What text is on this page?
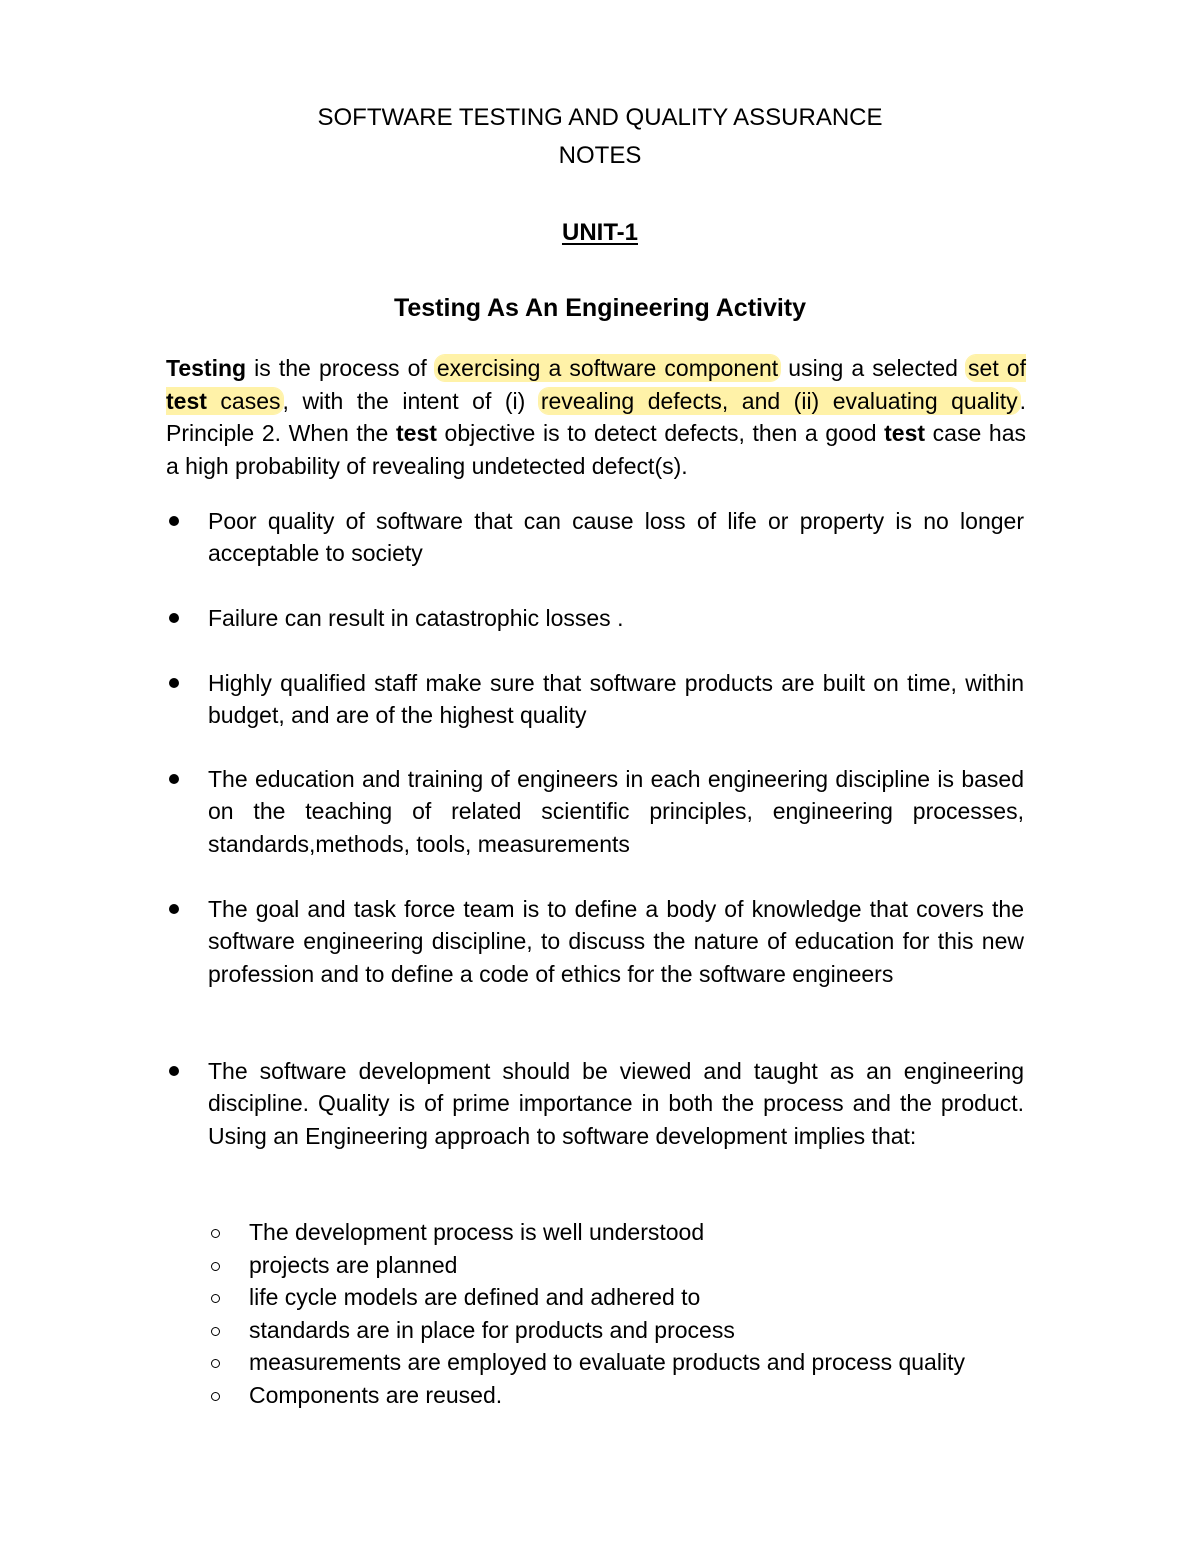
SOFTWARE TESTING AND QUALITY ASSURANCE
NOTES
UNIT-1
Testing As An Engineering Activity

Testing is the process of exercising a software component using a selected set of test cases, with the intent of (i) revealing defects, and (ii) evaluating quality. Principle 2. When the test objective is to detect defects, then a good test case has a high probability of revealing undetected defect(s).

Poor quality of software that can cause loss of life or property is no longer acceptable to society
Failure can result in catastrophic losses .
Highly qualified staff make sure that software products are built on time, within budget, and are of the highest quality
The education and training of engineers in each engineering discipline is based on the teaching of related scientific principles, engineering processes, standards,methods, tools, measurements
The goal and task force team is to define a body of knowledge that covers the software engineering discipline, to discuss the nature of education for this new profession and to define a code of ethics for the software engineers
The software development should be viewed and taught as an engineering discipline. Quality is of prime importance in both the process and the product. Using an Engineering approach to software development implies that:
The development process is well understood
projects are planned
life cycle models are defined and adhered to
standards are in place for products and process
measurements are employed to evaluate products and process quality
Components are reused.
